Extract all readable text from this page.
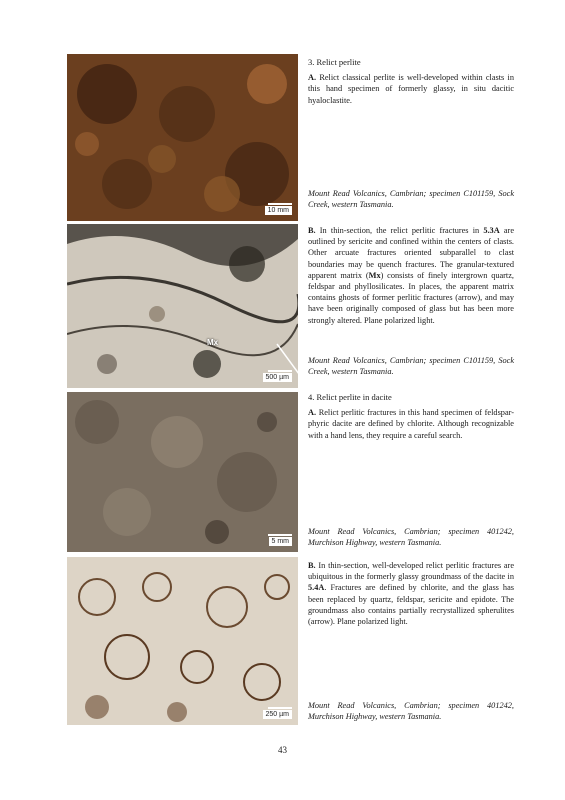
10 mm
Mx
500 µm
5 mm
250 µm
3. Relict perlite

A. Relict classical perlite is well-developed within clasts in this hand specimen of formerly glassy, in situ dacitic hyaloclastite.

Mount Read Volcanics, Cambrian; specimen C101159, Sock Creek, western Tasmania.

B. In thin-section, the relict perlitic fractures in 5.3A are outlined by sericite and confined within the centers of clasts. Other arcuate fractures oriented subparallel to clast boundaries may be quench fractures. The granular-textured apparent matrix (Mx) consists of finely intergrown quartz, feldspar and phyllosilicates. In places, the apparent matrix contains ghosts of former perlitic fractures (arrow), and may have been originally composed of glass but has been more strongly altered. Plane polarized light.

Mount Read Volcanics, Cambrian; specimen C101159, Sock Creek, western Tasmania.
4. Relict perlite in dacite

A. Relict perlitic fractures in this hand specimen of feldspar-phyric dacite are defined by chlorite. Although recognizable with a hand lens, they require a careful search.

Mount Read Volcanics, Cambrian; specimen 401242, Murchison Highway, western Tasmania.

B. In thin-section, well-developed relict perlitic fractures are ubiquitous in the formerly glassy groundmass of the dacite in 5.4A. Fractures are defined by chlorite, and the glass has been replaced by quartz, feldspar, sericite and epidote. The groundmass also contains partially recrystallized spherulites (arrow). Plane polarized light.

Mount Read Volcanics, Cambrian; specimen 401242, Murchison Highway, western Tasmania.
43
